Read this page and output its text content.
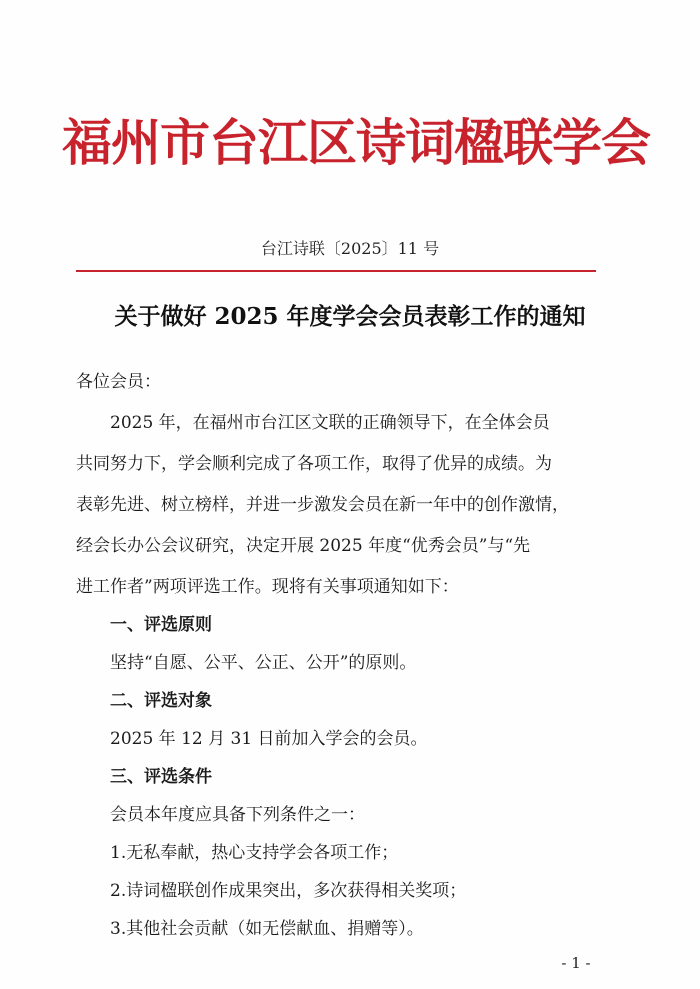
福州市台江区诗词楹联学会
台江诗联〔2025〕11 号
关于做好 2025 年度学会会员表彰工作的通知
各位会员：
2025 年，在福州市台江区文联的正确领导下，在全体会员
共同努力下，学会顺利完成了各项工作，取得了优异的成绩。为
表彰先进、树立榜样，并进一步激发会员在新一年中的创作激情，
经会长办公会议研究，决定开展 2025 年度“优秀会员”与“先
进工作者”两项评选工作。现将有关事项通知如下：
一、评选原则
坚持“自愿、公平、公正、公开”的原则。
二、评选对象
2025 年 12 月 31 日前加入学会的会员。
三、评选条件
会员本年度应具备下列条件之一：
1.无私奉献，热心支持学会各项工作；
2.诗词楹联创作成果突出，多次获得相关奖项；
3.其他社会贡献（如无偿献血、捐赠等）。
- 1 -
